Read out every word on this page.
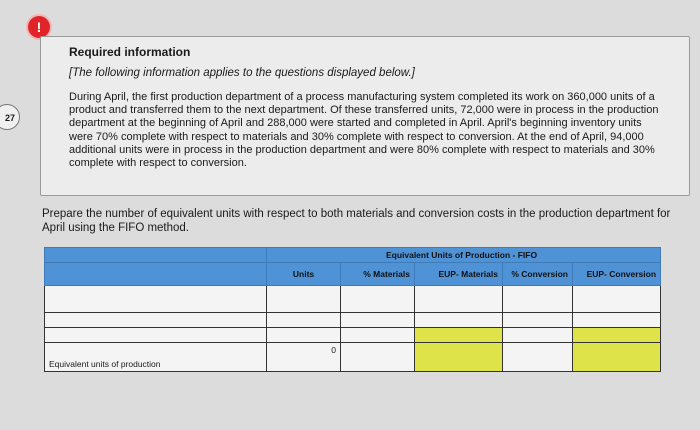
!
27
Required information
[The following information applies to the questions displayed below.]
During April, the first production department of a process manufacturing system completed its work on 360,000 units of a product and transferred them to the next department. Of these transferred units, 72,000 were in process in the production department at the beginning of April and 288,000 were started and completed in April. April's beginning inventory units were 70% complete with respect to materials and 30% complete with respect to conversion. At the end of April, 94,000 additional units were in process in the production department and were 80% complete with respect to materials and 30% complete with respect to conversion.
Prepare the number of equivalent units with respect to both materials and conversion costs in the production department for April using the FIFO method.
	Equivalent Units of Production - FIFO				
	Units	% Materials	EUP- Materials	% Conversion	EUP- Conversion

Equivalent units of production	0				
